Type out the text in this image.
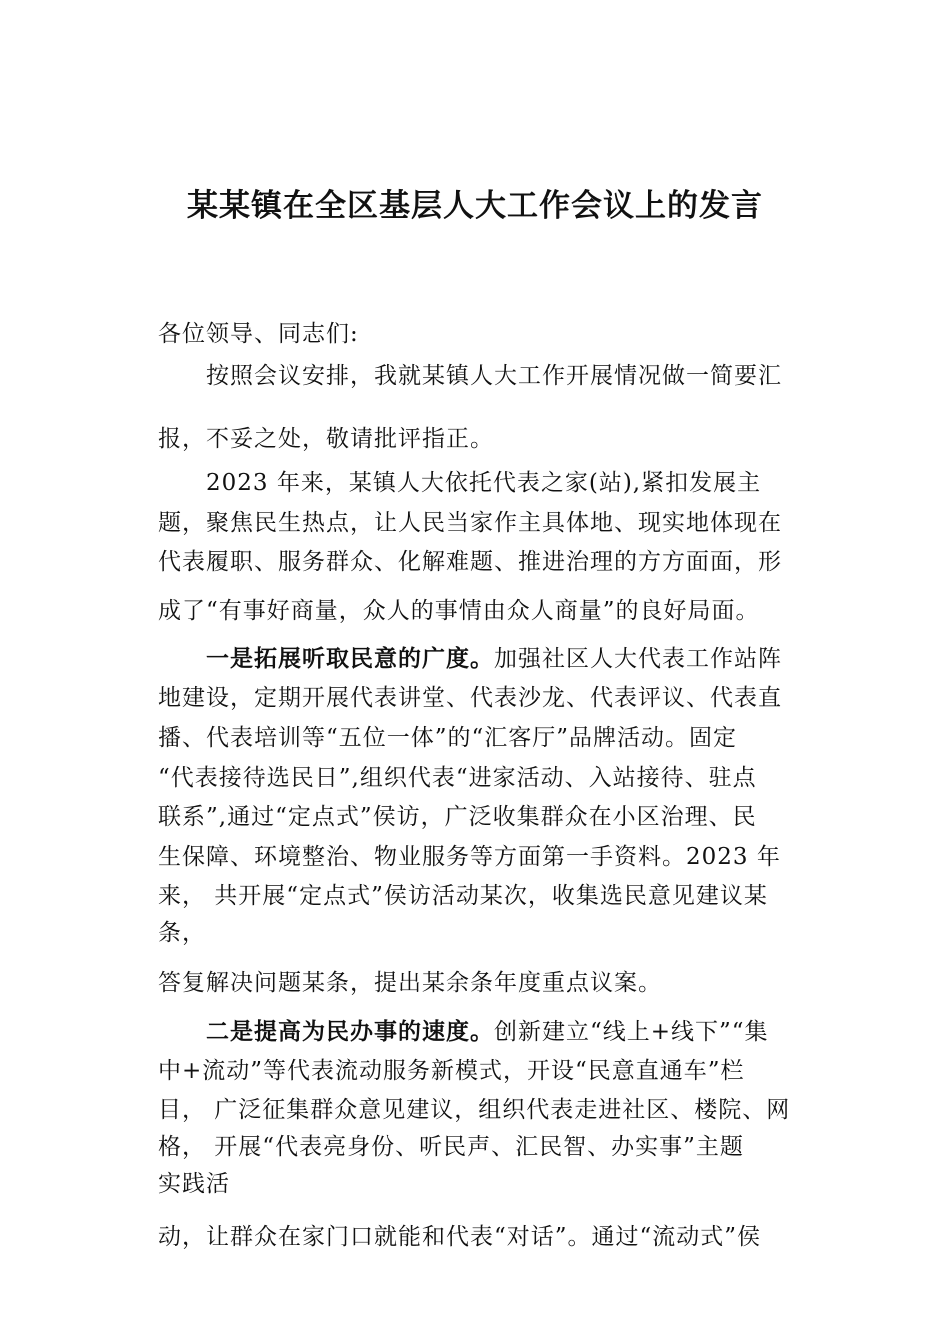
某某镇在全区基层人大工作会议上的发言
各位领导、同志们:
按照会议安排，我就某镇人大工作开展情况做一简要汇
报，不妥之处，敬请批评指正。
2023 年来，某镇人大依托代表之家(站),紧扣发展主
题，聚焦民生热点，让人民当家作主具体地、现实地体现在
代表履职、服务群众、化解难题、推进治理的方方面面，形
成了“有事好商量，众人的事情由众人商量”的良好局面。
一是拓展听取民意的广度。加强社区人大代表工作站阵
地建设，定期开展代表讲堂、代表沙龙、代表评议、代表直
播、代表培训等“五位一体”的“汇客厅”品牌活动。固定
“代表接待选民日”,组织代表“进家活动、入站接待、驻点
联系”,通过“定点式”侯访，广泛收集群众在小区治理、民
生保障、环境整治、物业服务等方面第一手资料。2023 年
来， 共开展“定点式”侯访活动某次，收集选民意见建议某
条，
答复解决问题某条，提出某余条年度重点议案。
二是提高为民办事的速度。创新建立“线上+线下”“集
中+流动”等代表流动服务新模式，开设“民意直通车”栏
目， 广泛征集群众意见建议，组织代表走进社区、楼院、网
格， 开展“代表亮身份、听民声、汇民智、办实事”主题
实践活
动，让群众在家门口就能和代表“对话”。通过“流动式”侯
